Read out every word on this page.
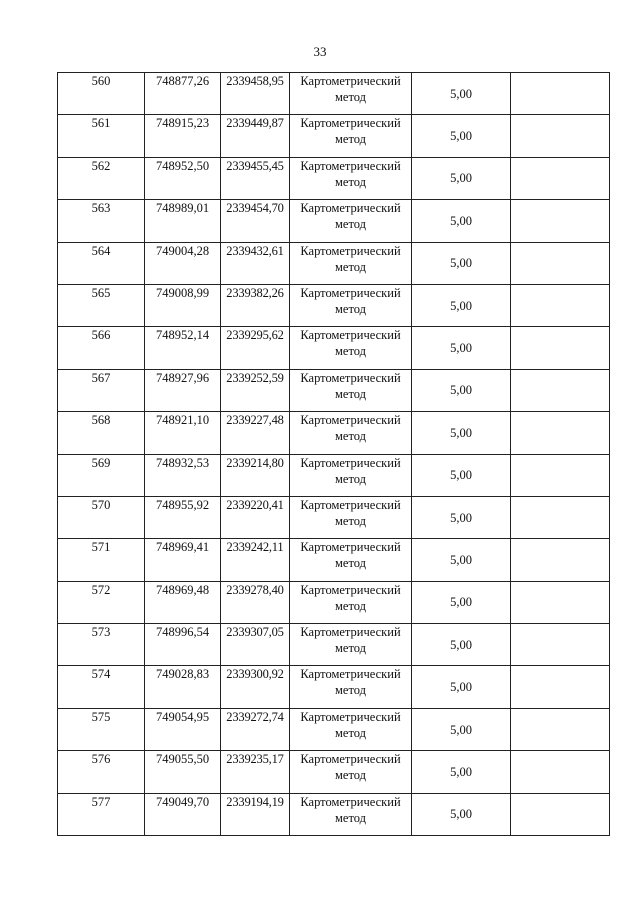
33
560	748877,26	2339458,95	Картометрический метод	5,00	
561	748915,23	2339449,87	Картометрический метод	5,00	
562	748952,50	2339455,45	Картометрический метод	5,00	
563	748989,01	2339454,70	Картометрический метод	5,00	
564	749004,28	2339432,61	Картометрический метод	5,00	
565	749008,99	2339382,26	Картометрический метод	5,00	
566	748952,14	2339295,62	Картометрический метод	5,00	
567	748927,96	2339252,59	Картометрический метод	5,00	
568	748921,10	2339227,48	Картометрический метод	5,00	
569	748932,53	2339214,80	Картометрический метод	5,00	
570	748955,92	2339220,41	Картометрический метод	5,00	
571	748969,41	2339242,11	Картометрический метод	5,00	
572	748969,48	2339278,40	Картометрический метод	5,00	
573	748996,54	2339307,05	Картометрический метод	5,00	
574	749028,83	2339300,92	Картометрический метод	5,00	
575	749054,95	2339272,74	Картометрический метод	5,00	
576	749055,50	2339235,17	Картометрический метод	5,00	
577	749049,70	2339194,19	Картометрический метод	5,00	
